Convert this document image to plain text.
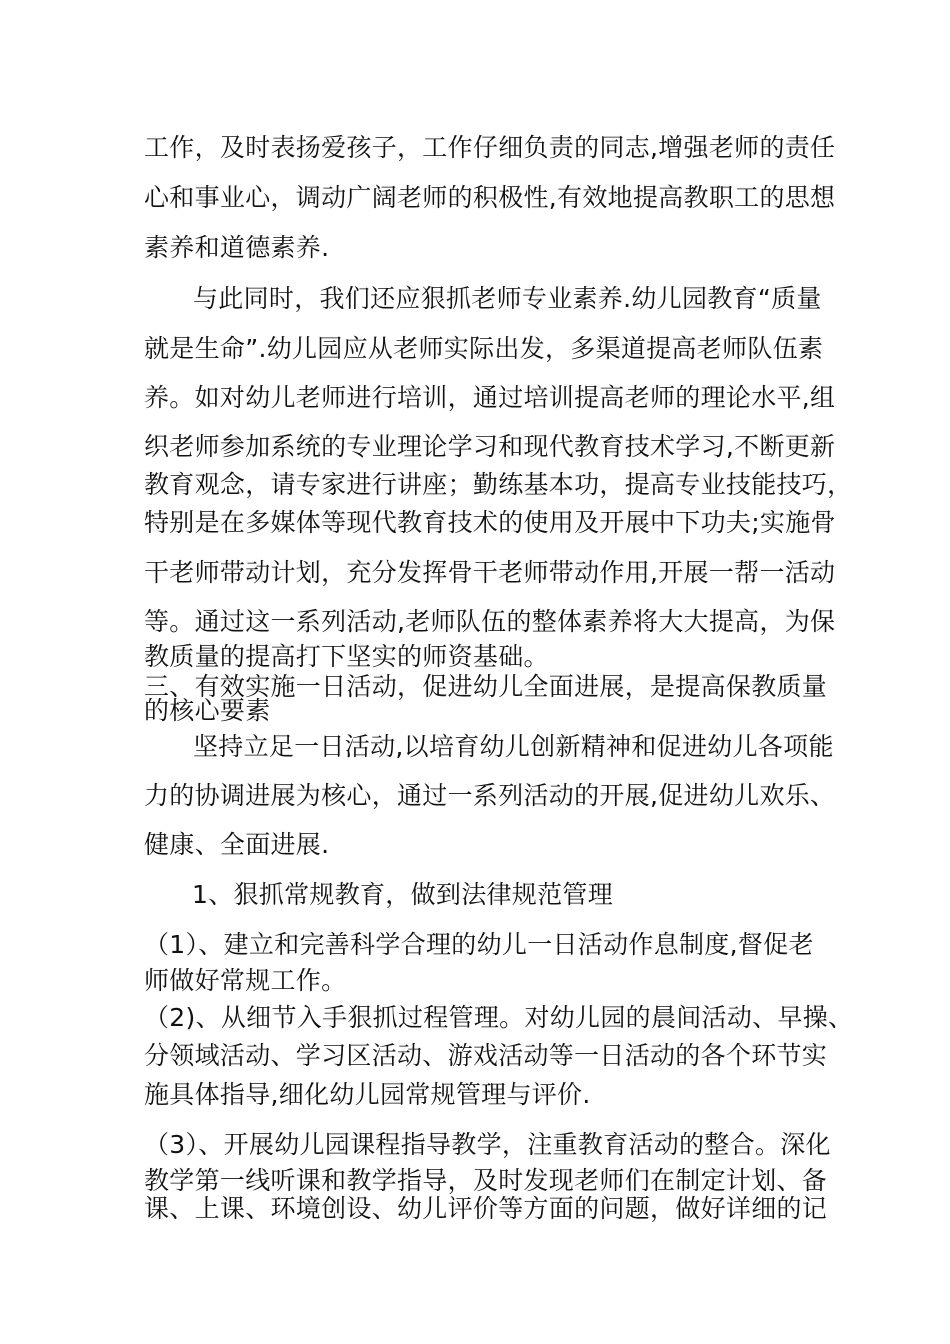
工作，及时表扬爱孩子，工作仔细负责的同志,增强老师的责任
心和事业心，调动广阔老师的积极性,有效地提高教职工的思想
素养和道德素养.
与此同时，我们还应狠抓老师专业素养.幼儿园教育“质量
就是生命”.幼儿园应从老师实际出发，多渠道提高老师队伍素
养。如对幼儿老师进行培训，通过培训提高老师的理论水平,组
织老师参加系统的专业理论学习和现代教育技术学习,不断更新
教育观念，请专家进行讲座；勤练基本功，提高专业技能技巧，
特别是在多媒体等现代教育技术的使用及开展中下功夫;实施骨
干老师带动计划，充分发挥骨干老师带动作用,开展一帮一活动
等。通过这一系列活动,老师队伍的整体素养将大大提高，为保
教质量的提高打下坚实的师资基础。
三、有效实施一日活动，促进幼儿全面进展，是提高保教质量
的核心要素
坚持立足一日活动,以培育幼儿创新精神和促进幼儿各项能
力的协调进展为核心，通过一系列活动的开展,促进幼儿欢乐、
健康、全面进展.
1、狠抓常规教育，做到法律规范管理
（1）、建立和完善科学合理的幼儿一日活动作息制度,督促老
师做好常规工作。
（2)、从细节入手狠抓过程管理。对幼儿园的晨间活动、早操、
分领域活动、学习区活动、游戏活动等一日活动的各个环节实
施具体指导,细化幼儿园常规管理与评价.
（3）、开展幼儿园课程指导教学，注重教育活动的整合。深化
教学第一线听课和教学指导，及时发现老师们在制定计划、备
课、上课、环境创设、幼儿评价等方面的问题，做好详细的记
